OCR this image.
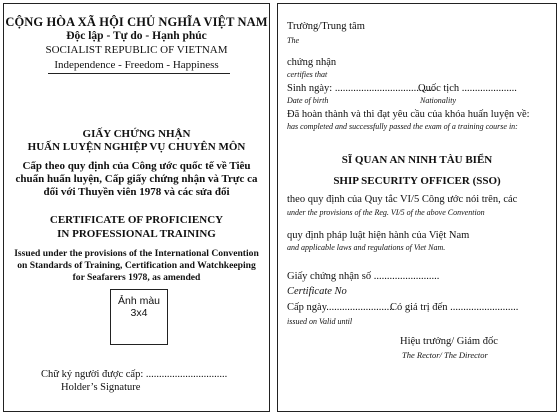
CỘNG HÒA XÃ HỘI CHỦ NGHĨA VIỆT NAM
Độc lập - Tự do - Hạnh phúc
SOCIALIST REPUBLIC OF VIETNAM
Independence - Freedom - Happiness
GIẤY CHỨNG NHẬN
HUẤN LUYỆN NGHIỆP VỤ CHUYÊN MÔN
Cấp theo quy định của Công ước quốc tế về Tiêu chuẩn huấn luyện, Cấp giấy chứng nhận và Trực ca đối với Thuyền viên 1978 và các sửa đổi
CERTIFICATE OF PROFICIENCY
IN PROFESSIONAL TRAINING
Issued under the provisions of the International Convention on Standards of Training, Certification and Watchkeeping for Seafarers 1978, as amended
Ảnh màu
3x4
Chữ ký người được cấp: ...............................
Holder’s Signature
Trường/Trung tâm
The
chứng nhận
certifies that
Sinh ngày: ......................................
Date of birth
Quốc tịch .....................
Nationality
Đã hoàn thành và thi đạt yêu cầu của khóa huấn luyện về:
has completed and successfully passed the exam of a training course in:
SĨ QUAN AN NINH TÀU BIỂN
SHIP SECURITY OFFICER (SSO)
theo quy định của Quy tắc VI/5 Công ước nói trên, các
under the provisions of the Reg. VI/5 of the above Convention
quy định pháp luật hiện hành của Việt Nam
and applicable laws and regulations of Viet Nam.
Giấy chứng nhận số .........................
Certificate No
Cấp ngày..........................
Có giá trị đến ..........................
issued on Valid until
Hiệu trưởng/ Giám đốc
The Rector/ The Director
